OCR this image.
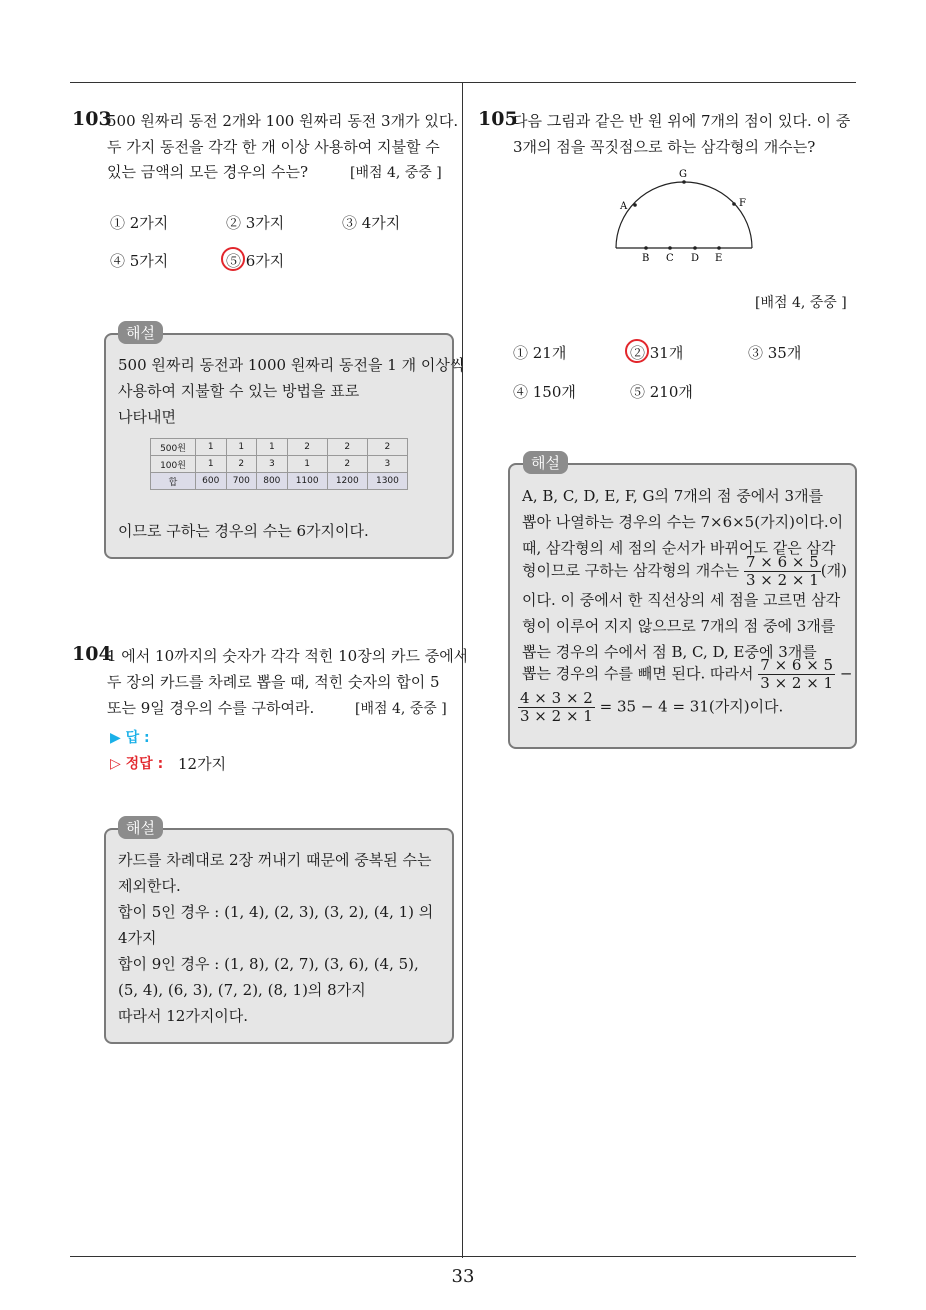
33
103
500 원짜리 동전 2개와 100 원짜리 동전 3개가 있다.
두 가지 동전을 각각 한 개 이상 사용하여 지불할 수
있는 금액의 모든 경우의 수는?	[배점 4, 중중 ]
① 2가지	② 3가지	③ 4가지
④ 5가지	⑤ 6가지
해설
500 원짜리 동전과 1000 원짜리 동전을 1 개 이상씩
사용하여 지불할 수 있는 방법을 표로
나타내면
500원	1	1	1	2	2	2
100원	1	2	3	1	2	3
합	600	700	800	1100	1200	1300
이므로 구하는 경우의 수는 6가지이다.
104
1 에서 10까지의 숫자가 각각 적힌 10장의 카드 중에서
두 장의 카드를 차례로 뽑을 때, 적힌 숫자의 합이 5
또는 9일 경우의 수를 구하여라.	[배점 4, 중중 ]
▶ 답 :
▷ 정답 : 12가지
해설
카드를 차례대로 2장 꺼내기 때문에 중복된 수는
제외한다.
합이 5인 경우 : (1, 4), (2, 3), (3, 2), (4, 1) 의
4가지
합이 9인 경우 : (1, 8), (2, 7), (3, 6), (4, 5),
(5, 4), (6, 3), (7, 2), (8, 1)의 8가지
따라서 12가지이다.
105
다음 그림과 같은 반 원 위에 7개의 점이 있다. 이 중
3개의 점을 꼭짓점으로 하는 삼각형의 개수는?
A
G
F
B C D E
[배점 4, 중중 ]
① 21개	② 31개	③ 35개
④ 150개	⑤ 210개
해설
A, B, C, D, E, F, G의 7개의 점 중에서 3개를
뽑아 나열하는 경우의 수는 7×6×5(가지)이다.이
때, 삼각형의 세 점의 순서가 바뀌어도 같은 삼각
형이므로 구하는 삼각형의 개수는 $\frac{7 \times 6 \times 5}{3 \times 2 \times 1}$ (개)
이다. 이 중에서 한 직선상의 세 점을 고르면 삼각
형이 이루어 지지 않으므로 7개의 점 중에 3개를
뽑는 경우의 수에서 점 B, C, D, E중에 3개를
뽑는 경우의 수를 빼면 된다. 따라서 $\frac{7 \times 6 \times 5}{3 \times 2 \times 1}$ −
$\frac{4 \times 3 \times 2}{3 \times 2 \times 1} = 35 - 4 = 31$(가지)이다.
